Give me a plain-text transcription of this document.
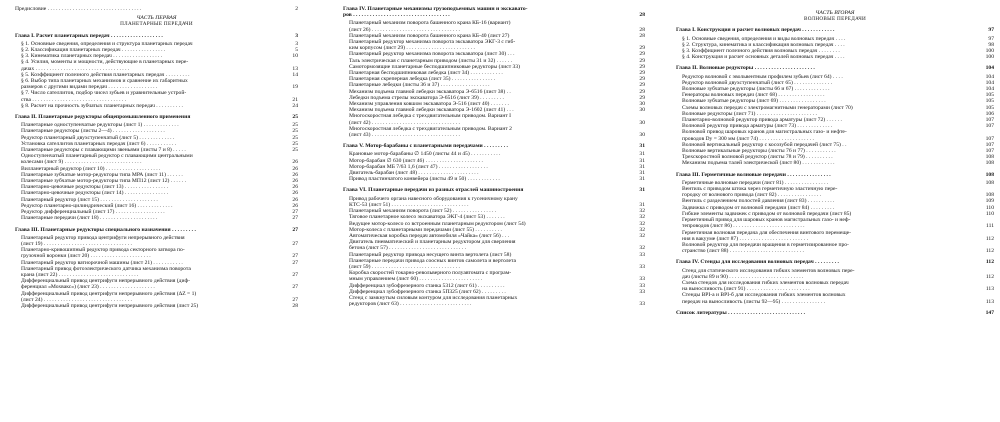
Предисловие . . . . . . . . . . . . . . . . . . . . . . . . . . . . . . . . . .	2
ЧАСТЬ ПЕРВАЯ
ПЛАНЕТАРНЫЕ ПЕРЕДАЧИ
Глава I. Расчет планетарных передач . . . . . . . . . . . . . . . . . . .	3
§ 1. Основные сведения, определения и структура планетарных передач	3
§ 2. Классификация планетарных передач . . . . . . . . . . . . . . . .	5
§ 3. Кинематика планетарных передач . . . . . . . . . . . . . . . . . .	10
§ 4. Усилия, моменты и мощности, действующие в планетарных пере-
дачах . . . . . . . . . . . . . . . . . . . . . . . . . . . . . . . . . .	13
§ 5. Коэффициент полезного действия планетарных передач . . . . . . . . .	14
§ 6. Выбор типа планетарных механизмов и сравнение их габаритных
размеров с другими видами передач . . . . . . . . . . . . . . . . . .	19
§ 7. Число сателлитов, подбор чисел зубьев и уравнительные устрой-
ства . . . . . . . . . . . . . . . . . . . . . . . . . . . . . . . . . .	21
§ 8. Расчет на прочность зубчатых планетарных передач . . . . . . . . . .	24
Глава II. Планетарные редукторы общепромышленного применения	25
Планетарные одноступенчатые редукторы (лист 1) . . . . . . . . . . . . .	25
Планетарные редукторы (листы 2—4) . . . . . . . . . . . . . . . . . . .	25
Редуктор планетарный двухступенчатый (лист 5) . . . . . . . . . . . . .	25
Установка сателлитов планетарных передач (лист 6) . . . . . . . . . . .	25
Планетарные редукторы с плавающими звеньями (листы 7 и 8) . . . . .	25
Одноступенчатый планетарный редуктор с плавающими центральными
колесами (лист 9) . . . . . . . . . . . . . . . . . . . . . . . . . . . .	26
Вилланетарный редуктор (лист 10) . . . . . . . . . . . . . . . . . . . .	26
Планетарные зубчатые мотор-редукторы типа МРА (лист 11) . . . . . .	26
Планетарные зубчатые мотор-редукторы типа МП12 (лист 12) . . . . . .	26
Планетарно-цевочные редукторы (лист 13) . . . . . . . . . . . . . . . .	26
Планетарно-цевочные редукторы (лист 14) . . . . . . . . . . . . . . . .	26
Планетарный редуктор (лист 15) . . . . . . . . . . . . . . . . . . . . .	26
Редуктор планетарно-цилиндрический (лист 16) . . . . . . . . . . . . .	26
Редуктор дифференциальный (лист 17) . . . . . . . . . . . . . . . . . .	27
Планетарные передачи (лист 18) . . . . . . . . . . . . . . . . . . . . .	27
Глава III. Планетарные редукторы специального назначения . . . . . . . . .	27
Планетарный редуктор привода центрифуги непрерывного действия
(лист 19) . . . . . . . . . . . . . . . . . . . . . . . . . . . . . . . .	27
Планетарно-кривошипный редуктор привода секторного затвора по-
грузочной воронки (лист 20) . . . . . . . . . . . . . . . . . . . . . .	27
Планетарный редуктор ватиорочной машины (лист 21) . . . . . . . . . . .	27
Планетарный привод фотоэлектрического датчика механизма поворота
крана (лист 22) . . . . . . . . . . . . . . . . . . . . . . . . . . . . .	27
Дифференциальный привод центрифуги непрерывного действия (диф-
ференциал «Мохвакс») (лист 23) . . . . . . . . . . . . . . . . . . . .	27
Дифференциальный привод центрифуги непрерывного действия (ΔZ = 1)
(лист 24) . . . . . . . . . . . . . . . . . . . . . . . . . . . . . . . .	27
Дифференциальный привод центрифуги непрерывного действия (лист 25)	28
Глава IV. Планетарные механизмы грузоподъемных машин и экскавато-
ров . . . . . . . . . . . . . . . . . . . . . . . . . . . . . . . . . . .	28
Планетарный механизм поворота башенного крана КБ-16 (вариант)
(лист 26) . . . . . . . . . . . . . . . . . . . . . . . . . . . . . . . .	28
Планетарный механизм поворота башенного крана КБ-40 (лист 27)	28
Планетарный редуктор механизма поворота экскаватора ЭКГ-3 с гиб-
ким корпусом (лист 29) . . . . . . . . . . . . . . . . . . . . . . . . .	29
Планетарный редуктор механизма поворота экскаватора (лист 30) . . .	29
Таль электрическая с планетарным приводом (листы 31 и 32) . . . . . .	29
Самотормозящие планетарные бесподшипниковые редукторы (лист 33)	29
Планетарная бесподшипниковая лебедка (лист 34) . . . . . . . . . . . .	29
Планетарная скреперная лебедка (лист 35) . . . . . . . . . . . . . . . .	29
Планетарные лебедки (листы 36 и 37) . . . . . . . . . . . . . . . . . .	29
Механизм подъема главной лебедки экскаватора Э-6516 (лист 38) . .	29
Лебедки подъема стрелы экскаватора Э-6516 (лист 39) . . . . . . . . .	29
Механизм управления ковшом экскаватора Э-516 (лист 40) . . . . . . .	30
Механизм подъема главной лебедки экскаватора Э-1602 (лист 41) . . .	30
Многоскоростная лебедка с трехдвигательным приводом. Вариант I
(лист 42) . . . . . . . . . . . . . . . . . . . . . . . . . . . . . . . .	30
Многоскоростная лебедка с трехдвигательным приводом. Вариант 2
(лист 43) . . . . . . . . . . . . . . . . . . . . . . . . . . . . . . . .	30
Глава V. Мотор-барабаны с планетарными передачами . . . . . . . . .	31
Крановые мотор-барабаны ∅ 1450 (листы 44 и 45) . . . . . . . . . . .	31
Мотор-барабан ∅ 630 (лист 46) . . . . . . . . . . . . . . . . . . . . .	31
Мотор-барабан МБ 7/63 1,6 (лист 47) . . . . . . . . . . . . . . . . . .	31
Двигатель-барабан (лист 48) . . . . . . . . . . . . . . . . . . . . . .	31
Привод пластинчатого конвейера (листы 49 и 50) . . . . . . . . . . . .	31
Глава VI. Планетарные передачи из разных отраслей машиностроения	31
Привод рабочего органа навесного оборудования к гусеничному крану
КТС-53 (лист 51) . . . . . . . . . . . . . . . . . . . . . . . . . . . .	31
Планетарный механизм поворота (лист 52) . . . . . . . . . . . . . . . .	32
Тяговое планетарное колесо экскаватора ЭКГ-4 (лист 53) . . . . . . .	32
Ведущее мотор-колесо со встроенным планетарным редуктором (лист 54)	32
Мотор-колеса с планетарными передачами (лист 55) . . . . . . . . . .	32
Автоматическая коробка передач автомобиля «Чайка» (лист 56) . . .	32
Двигатель пневматический и планетарным редуктором для сверления
бетона (лист 57) . . . . . . . . . . . . . . . . . . . . . . . . . . . .	32
Планетарный редуктор привода несущего винта вертолета (лист 58)	33
Планетарные передачи привода соосных винтов самолета и вертолета
(лист 59) . . . . . . . . . . . . . . . . . . . . . . . . . . . . . . . .	33
Коробка скоростей токарно-револьверного полуавтомата с програм-
мным управлением (лист 60) . . . . . . . . . . . . . . . . . . . . . . .	33
Дифференциал зубофрезерного станка 5312 (лист 61) . . . . . . . . . .	33
Дифференциал зубофрезерного станка 5П325 (лист 62) . . . . . . . . .	33
Стенд с замкнутым силовым контуром для исследования планетарных
редукторов (лист 63) . . . . . . . . . . . . . . . . . . . . . . . . . .	33
ЧАСТЬ ВТОРАЯ
ВОЛНОВЫЕ ПЕРЕДАЧИ
Глава I. Конструкция и расчет волновых передач . . . . . . . . . . . .	97
§ 1. Основные сведения, определения и виды волновых передач . . . .	97
§ 2. Структура, кинематика и классификация волновых передач . . . .	98
§ 3. Коэффициент полезного действия волновых передач . . . . . . . .	100
§ 4. Конструкция и расчет основных деталей волновых передач . . . .	100
Глава II. Волновые редукторы . . . . . . . . . . . . . . . . . . . . . .	104
Редуктор волновой с эвольвентным профилем зубьев (лист 64) . . . .	104
Редуктор волновой двухступенчатый (лист 65) . . . . . . . . . . . . . .	104
Волновые зубчатые редукторы (листы 66 и 67) . . . . . . . . . . . . .	104
Генераторы волновых передач (лист 68) . . . . . . . . . . . . . . . . .	105
Волновые зубчатые редукторы (лист 69) . . . . . . . . . . . . . . . . .	105
Схемы волновых передач с электромагнитными генераторами (лист 70)	105
Волновые редукторы (лист 71) . . . . . . . . . . . . . . . . . . . . . .	106
Планетарно-волновой редуктор привода арматуры (лист 72) . . . . . .	107
Волновой редуктор привода арматуры (лист 73) . . . . . . . . . . . . .	107
Волновой привод шаровых кранов для магистральных газо- и нефте-
проводов Dу = 300 мм (лист 74) . . . . . . . . . . . . . . . . . . . .	107
Волновой вертикальный редуктор с косозубой передачей (лист 75) . .	107
Волновые вертикальные редукторы (листы 76 и 77) . . . . . . . . . . .	107
Трехскоростной волновой редуктор (листы 78 и 79) . . . . . . . . . .	108
Механизм подъема талей электрической (лист 80) . . . . . . . . . . . .	108
Глава III. Герметичные волновые передачи . . . . . . . . . . . . . . . .	108
Герметичные волновые передачи (лист 81) . . . . . . . . . . . . . . . .	108
Вентиль с приводом штока через герметичную эластичную пере-
городку от волнового привода (лист 82) . . . . . . . . . . . . . . . .	108
Вентиль с разделением полостей давления (лист 83) . . . . . . . . . .	109
Задвижка с приводом от волновой передачи (лист 84) . . . . . . . . .	110
Гибкие элементы задвижек с приводом от волновой передачи (лист 85)	110
Герметичный привод для шаровых кранов магистральных газо- и неф-
тепроводов (лист 86) . . . . . . . . . . . . . . . . . . . . . . . . . .	111
Герметичная волновая передача для обеспечения винтового перемеще-
ния в вакууме (лист 87) . . . . . . . . . . . . . . . . . . . . . . . . .	112
Волновой редуктор для передачи вращения в герметизированное про-
странство (лист 88) . . . . . . . . . . . . . . . . . . . . . . . . . . .	112
Глава IV. Стенды для исследования волновых передач . . . . . . . . .	112
Стенд для статического исследования гибких элементов волновых пере-
дач (листы 89 и 90) . . . . . . . . . . . . . . . . . . . . . . . . . . .	112
Схема стендов для исследования гибких элементов волновых передач
на выносливость (лист 91) . . . . . . . . . . . . . . . . . . . . . . .	113
Стенды ВРI-а и ВРI-б для исследования гибких элементов волновых
передач на выносливость (листы 92—95) . . . . . . . . . . . . . . . .	113
Список литературы . . . . . . . . . . . . . . . . . . . . . . . . . . . .	147
